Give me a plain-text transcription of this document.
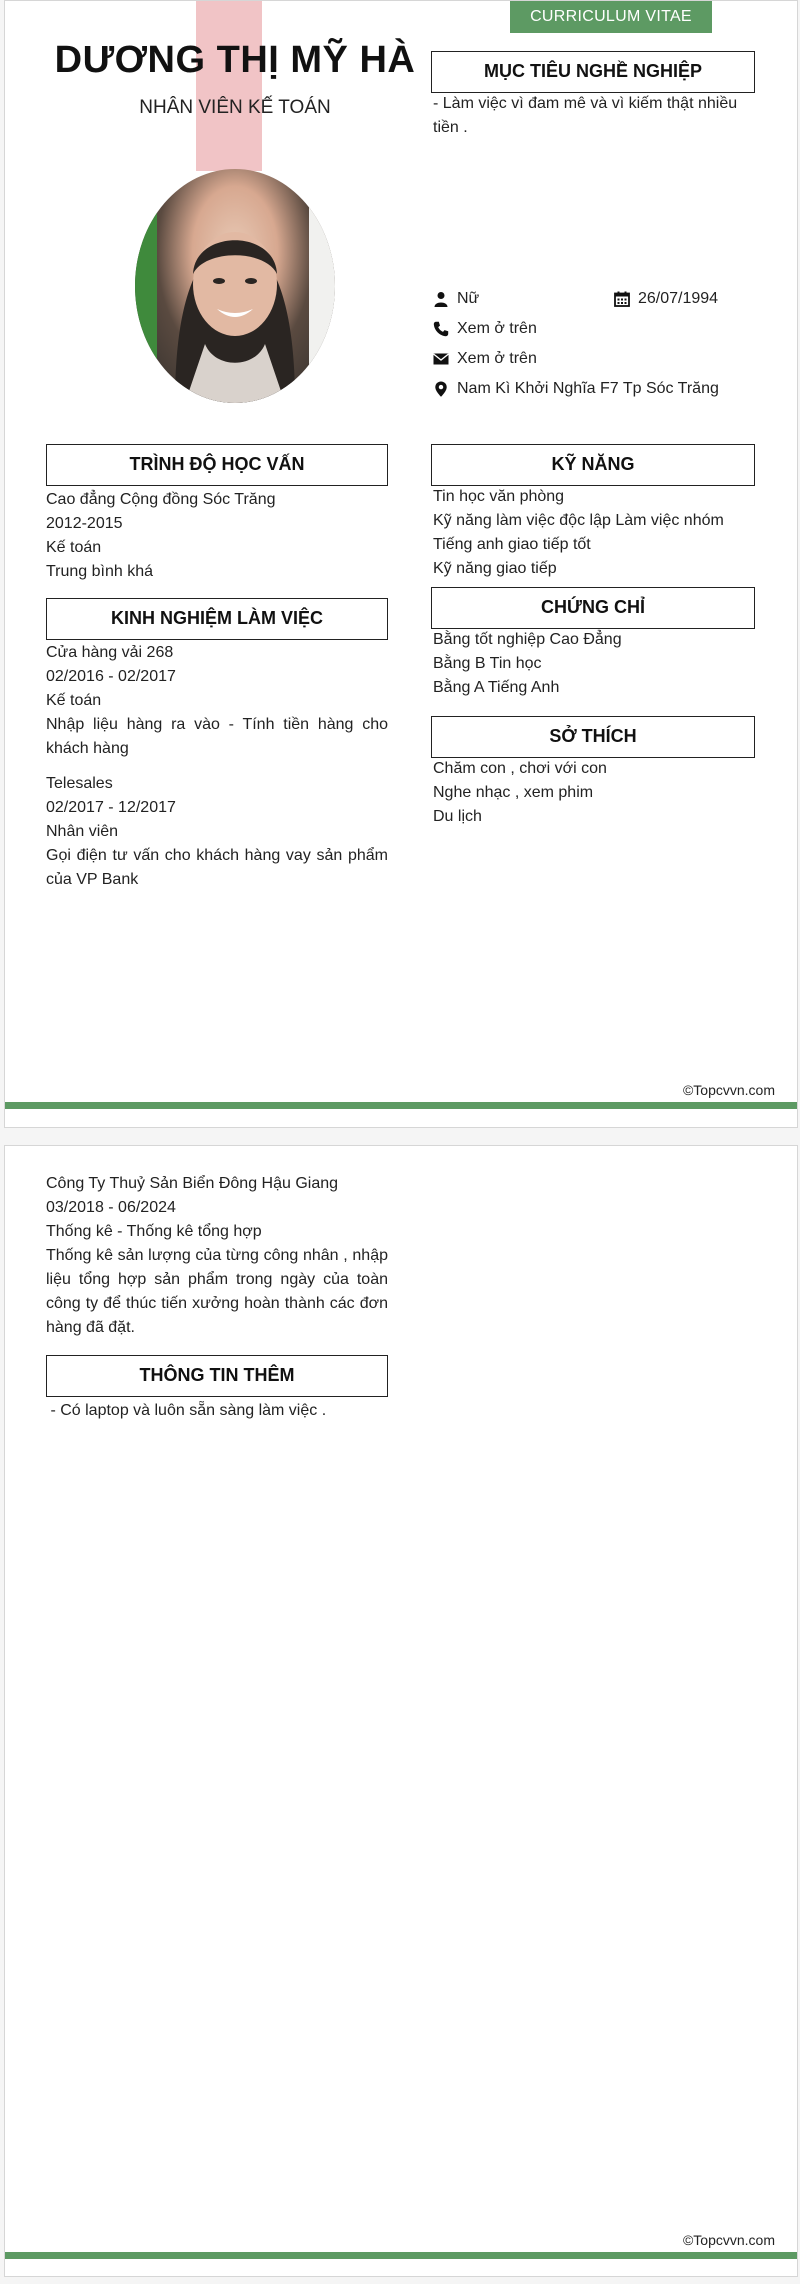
CURRICULUM VITAE
DƯƠNG THỊ MỸ HÀ
NHÂN VIÊN KẾ TOÁN
MỤC TIÊU NGHỀ NGHIỆP
- Làm việc vì đam mê và vì kiếm thật nhiều
tiền .
Nữ	26/07/1994
Xem ở trên
Xem ở trên
Nam Kì Khởi Nghĩa F7 Tp Sóc Trăng
TRÌNH ĐỘ HỌC VẤN
Cao đẳng Cộng đồng Sóc Trăng
2012-2015
Kế toán
Trung bình khá
KINH NGHIỆM LÀM VIỆC
Cửa hàng vải 268
02/2016 - 02/2017
Kế toán
Nhập liệu hàng ra vào - Tính tiền hàng cho
khách hàng
Telesales
02/2017 - 12/2017
Nhân viên
Gọi điện tư vấn cho khách hàng vay sản phẩm
của VP Bank
KỸ NĂNG
Tin học văn phòng
Kỹ năng làm việc độc lập Làm việc nhóm
Tiếng anh giao tiếp tốt
Kỹ năng giao tiếp
CHỨNG CHỈ
Bằng tốt nghiệp Cao Đẳng
Bằng B Tin học
Bằng A Tiếng Anh
SỞ THÍCH
Chăm con , chơi với con
Nghe nhạc , xem phim
Du lịch
©Topcvvn.com
Công Ty Thuỷ Sản Biển Đông Hậu Giang
03/2018 - 06/2024
Thống kê - Thống kê tổng hợp
Thống kê sản lượng của từng công nhân , nhập
liệu tổng hợp sản phẩm trong ngày của toàn
công ty để thúc tiến xưởng hoàn thành các đơn
hàng đã đặt.
THÔNG TIN THÊM
- Có laptop và luôn sẵn sàng làm việc .
©Topcvvn.com
